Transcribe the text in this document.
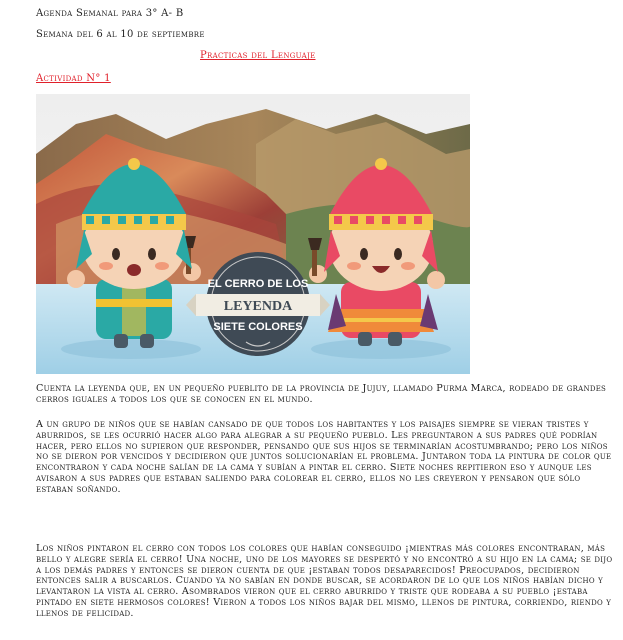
Agenda Semanal para 3° A- B
Semana del 6 al 10 de septiembre
Practicas del Lenguaje
Actividad N° 1
EL CERRO DE LOS
LEYENDA
SIETE COLORES

Cuenta la leyenda que, en un pequeño pueblito de la provincia de Jujuy, llamado Purma Marca, rodeado de grandes cerros iguales a todos los que se conocen en el mundo.

A un grupo de niños que se habían cansado de que todos los habitantes y los paisajes siempre se vieran tristes y aburridos, se les ocurrió hacer algo para alegrar a su pequeño pueblo. Les preguntaron a sus padres qué podrían hacer, pero ellos no supieron que responder, pensando que sus hijos se terminarían acostumbrando; pero los niños no se dieron por vencidos y decidieron que juntos solucionarían el problema. Juntaron toda la pintura de color que encontraron y cada noche salían de la cama y subían a pintar el cerro. Siete noches repitieron eso y aunque les avisaron a sus padres que estaban saliendo para colorear el cerro, ellos no les creyeron y pensaron que sólo estaban soñando.

Los niños pintaron el cerro con todos los colores que habían conseguido ¡mientras más colores encontraran, más bello y alegre sería el cerro! Una noche, uno de los mayores se despertó y no encontró a su hijo en la cama; se dijo a los demás padres y entonces se dieron cuenta de que ¡estaban todos desaparecidos! Preocupados, decidieron entonces salir a buscarlos. Cuando ya no sabían en donde buscar, se acordaron de lo que los niños habían dicho y levantaron la vista al cerro. Asombrados vieron que el cerro aburrido y triste que rodeaba a su pueblo ¡estaba pintado en siete hermosos colores! Vieron a todos los niños bajar del mismo, llenos de pintura, corriendo, riendo y llenos de felicidad.
